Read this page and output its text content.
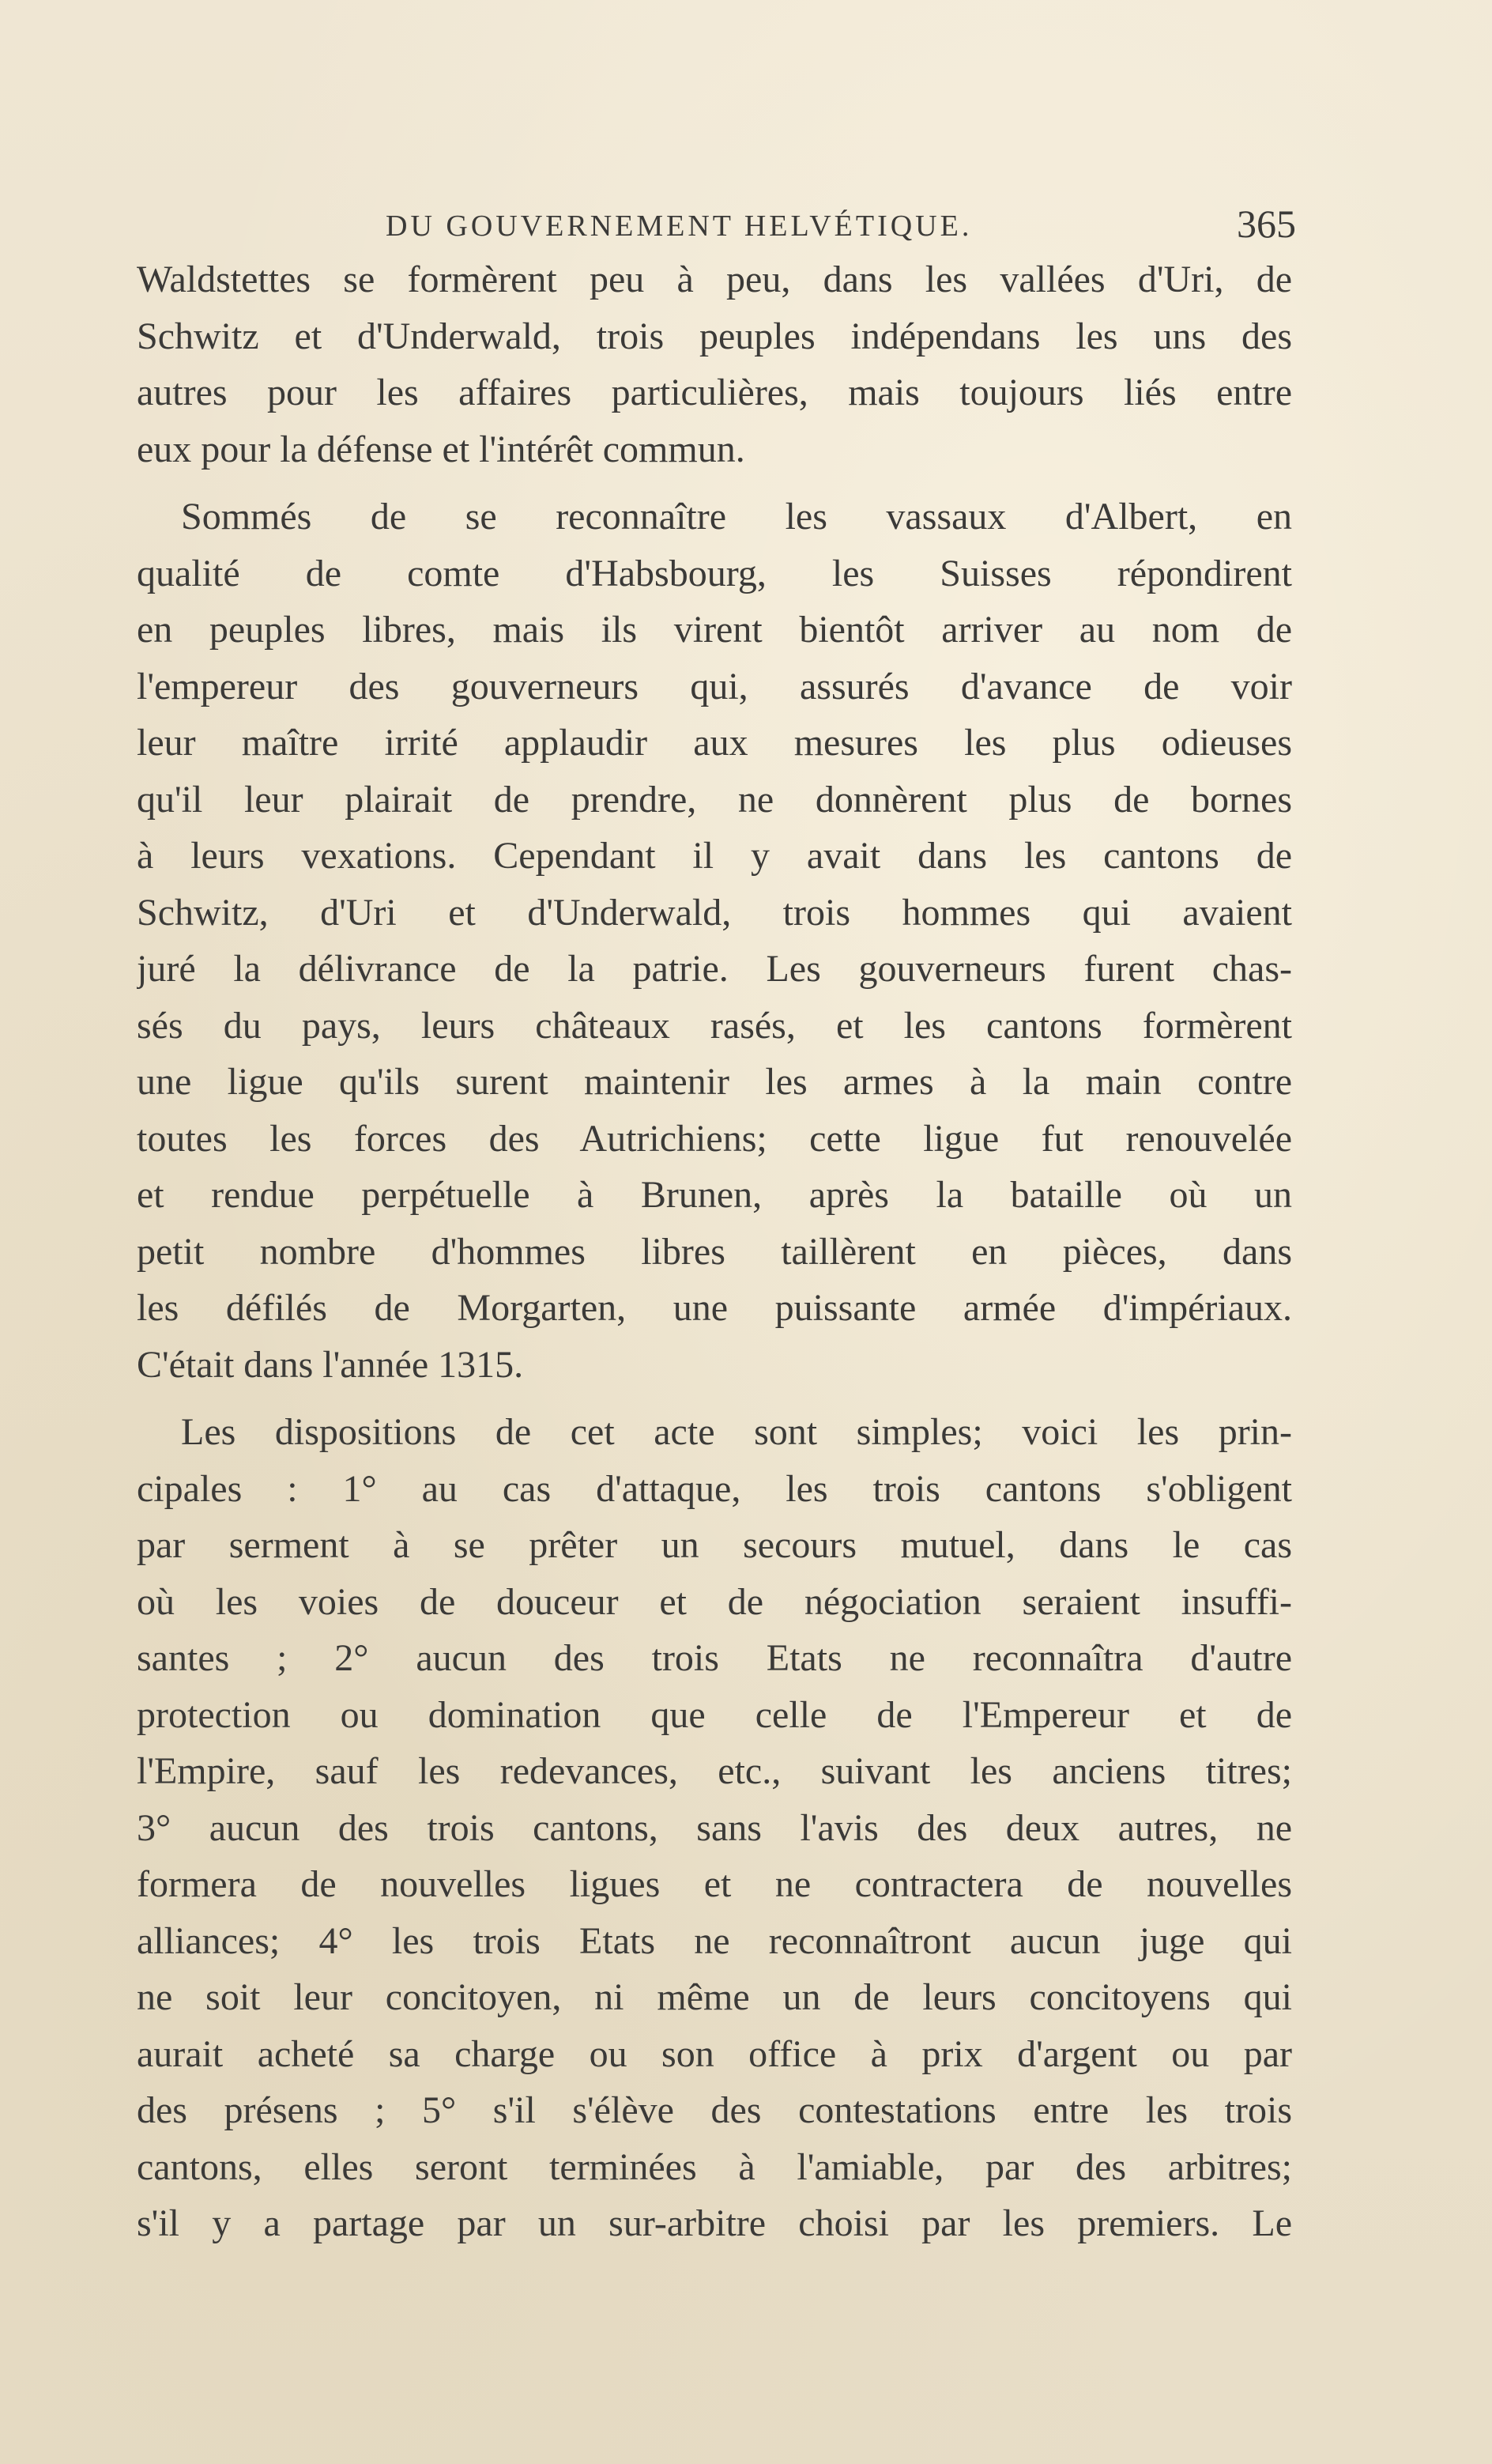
DU GOUVERNEMENT HELVÉTIQUE.	365
Waldstettes se formèrent peu à peu, dans les vallées d'Uri, de
Schwitz et d'Underwald, trois peuples indépendans les uns des
autres pour les affaires particulières, mais toujours liés entre
eux pour la défense et l'intérêt commun.
Sommés de se reconnaître les vassaux d'Albert, en
qualité de comte d'Habsbourg, les Suisses répondirent
en peuples libres, mais ils virent bientôt arriver au nom de
l'empereur des gouverneurs qui, assurés d'avance de voir
leur maître irrité applaudir aux mesures les plus odieuses
qu'il leur plairait de prendre, ne donnèrent plus de bornes
à leurs vexations. Cependant il y avait dans les cantons de
Schwitz, d'Uri et d'Underwald, trois hommes qui avaient
juré la délivrance de la patrie. Les gouverneurs furent chas-
sés du pays, leurs châteaux rasés, et les cantons formèrent
une ligue qu'ils surent maintenir les armes à la main contre
toutes les forces des Autrichiens; cette ligue fut renouvelée
et rendue perpétuelle à Brunen, après la bataille où un
petit nombre d'hommes libres taillèrent en pièces, dans
les défilés de Morgarten, une puissante armée d'impériaux.
C'était dans l'année 1315.
Les dispositions de cet acte sont simples; voici les prin-
cipales : 1° au cas d'attaque, les trois cantons s'obligent
par serment à se prêter un secours mutuel, dans le cas
où les voies de douceur et de négociation seraient insuffi-
santes ; 2° aucun des trois Etats ne reconnaîtra d'autre
protection ou domination que celle de l'Empereur et de
l'Empire, sauf les redevances, etc., suivant les anciens titres;
3° aucun des trois cantons, sans l'avis des deux autres, ne
formera de nouvelles ligues et ne contractera de nouvelles
alliances; 4° les trois Etats ne reconnaîtront aucun juge qui
ne soit leur concitoyen, ni même un de leurs concitoyens qui
aurait acheté sa charge ou son office à prix d'argent ou par
des présens ; 5° s'il s'élève des contestations entre les trois
cantons, elles seront terminées à l'amiable, par des arbitres;
s'il y a partage par un sur-arbitre choisi par les premiers. Le
